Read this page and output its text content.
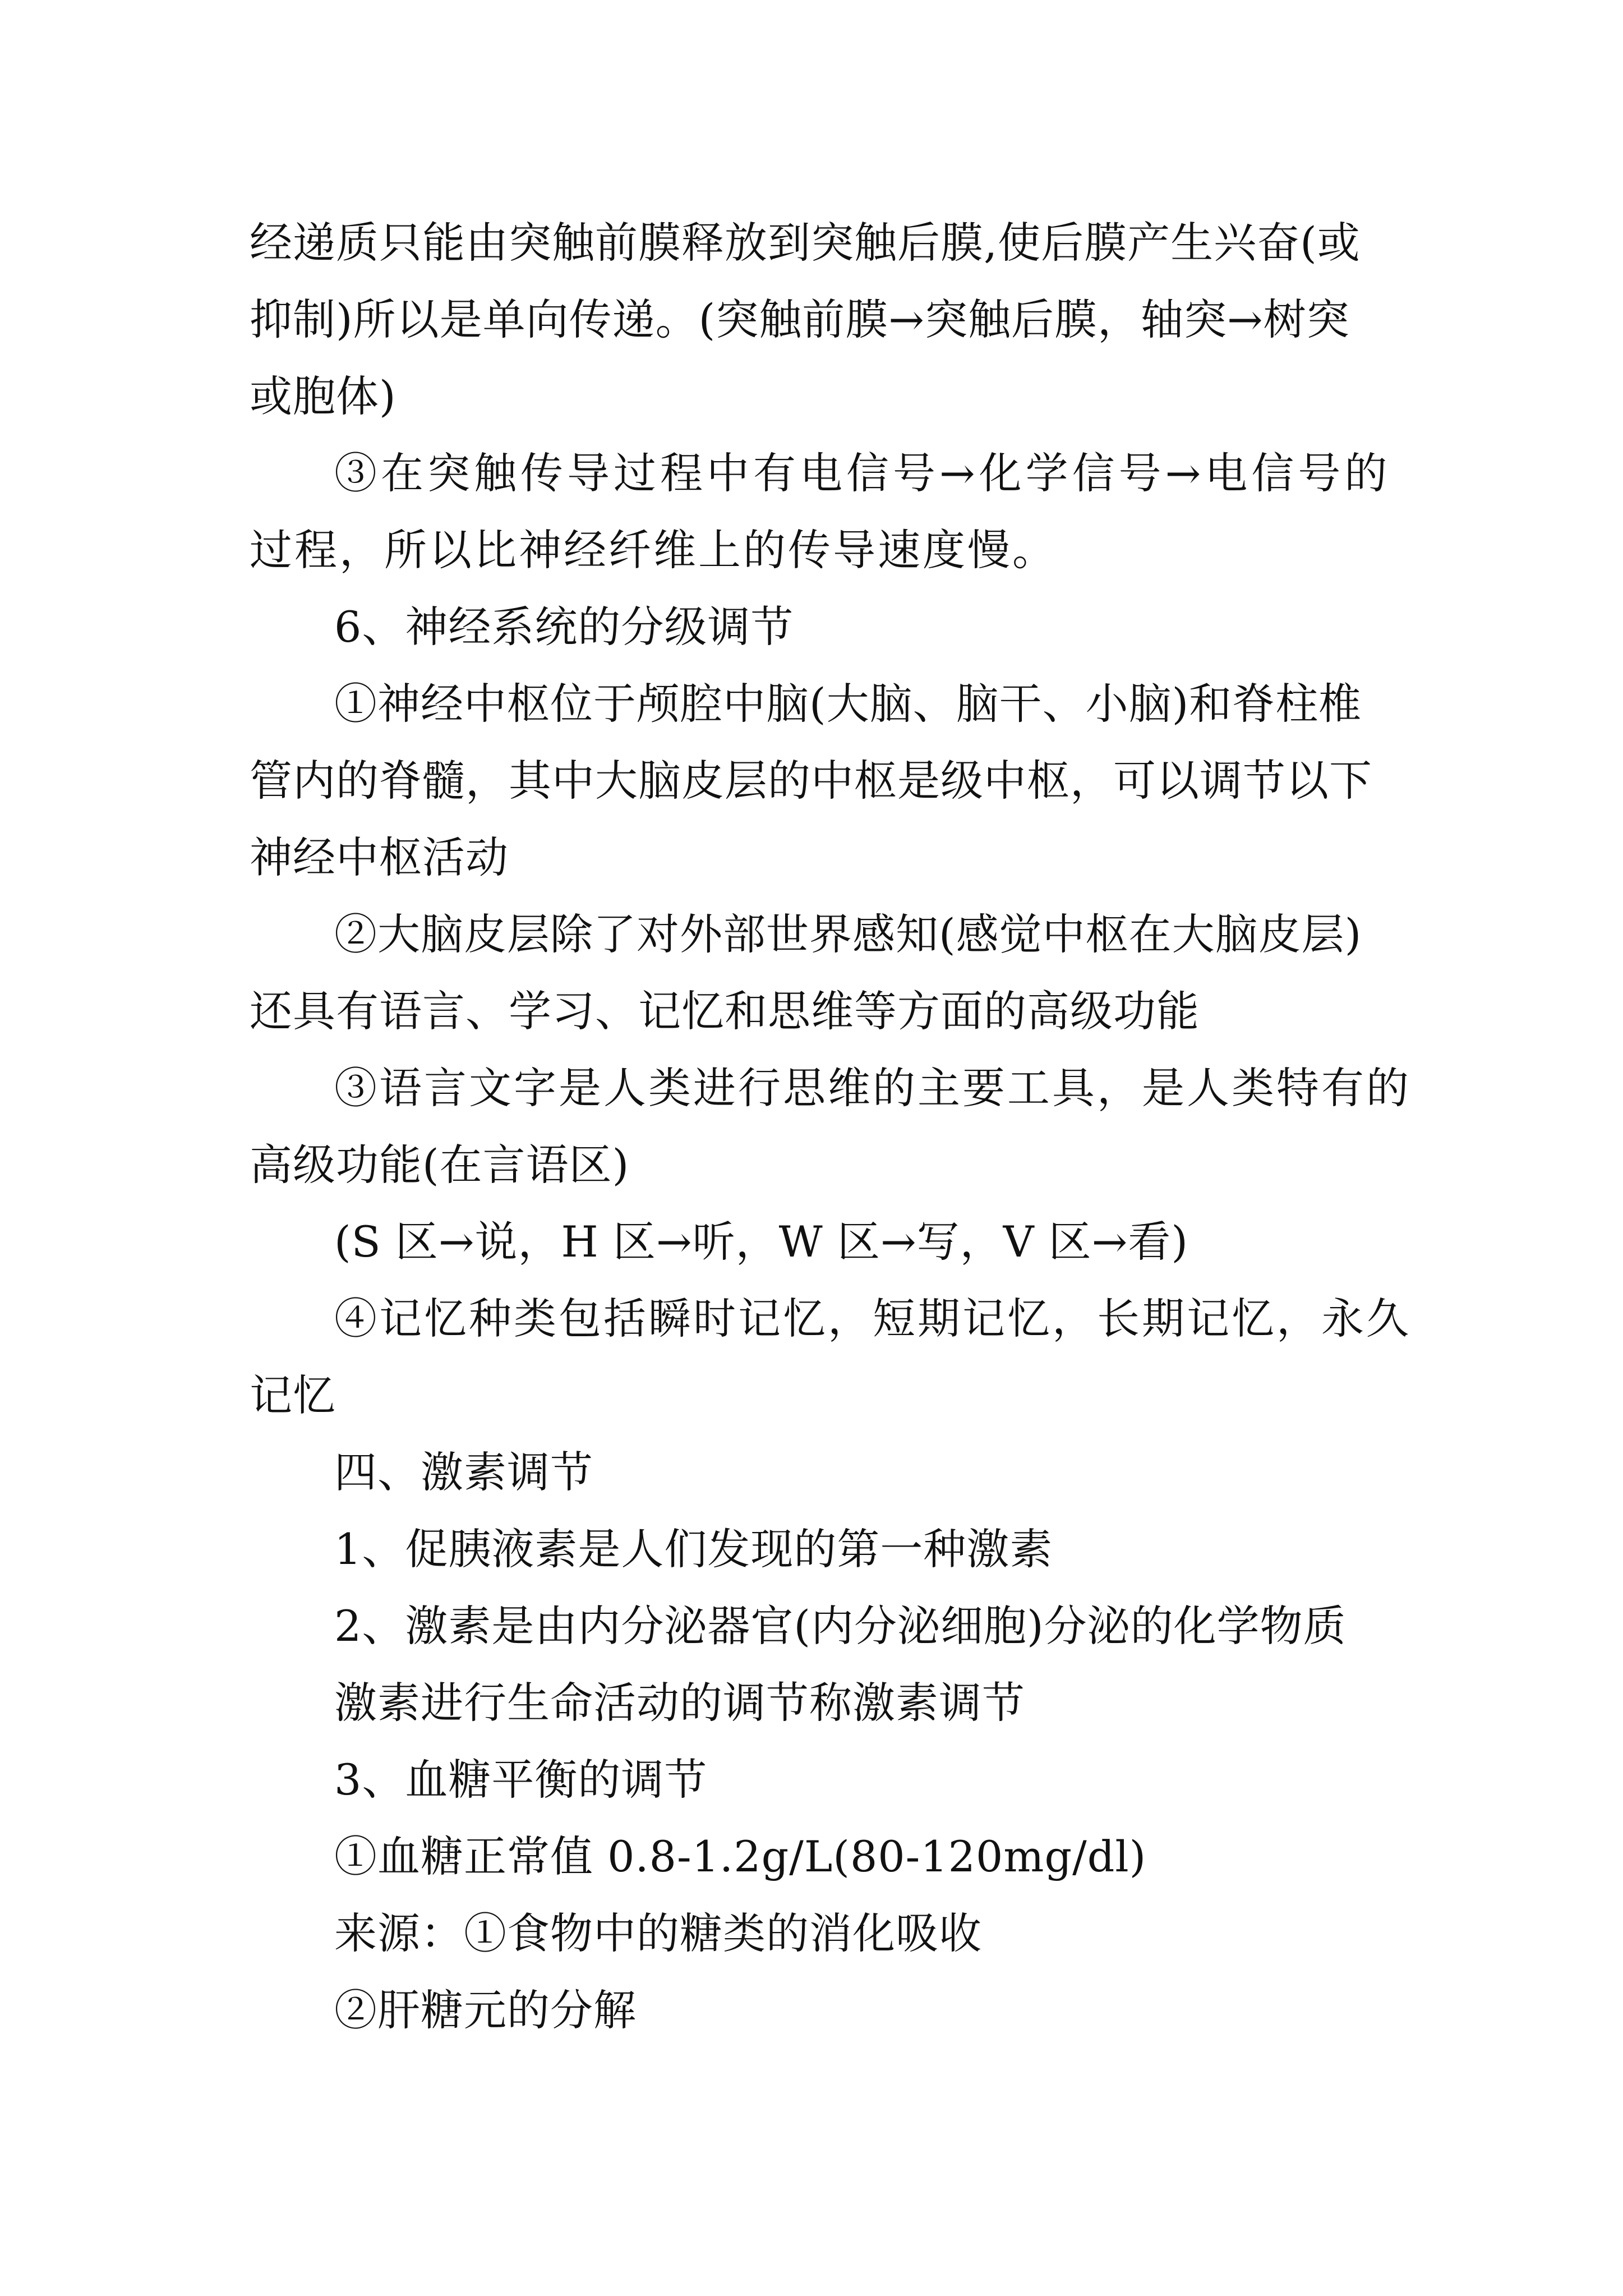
经递质只能由突触前膜释放到突触后膜,使后膜产生兴奋(或
抑制)所以是单向传递。(突触前膜→突触后膜，轴突→树突
或胞体)
③在突触传导过程中有电信号→化学信号→电信号的
过程，所以比神经纤维上的传导速度慢。
6、神经系统的分级调节
①神经中枢位于颅腔中脑(大脑、脑干、小脑)和脊柱椎
管内的脊髓，其中大脑皮层的中枢是级中枢，可以调节以下
神经中枢活动
②大脑皮层除了对外部世界感知(感觉中枢在大脑皮层)
还具有语言、学习、记忆和思维等方面的高级功能
③语言文字是人类进行思维的主要工具，是人类特有的
高级功能(在言语区)
(S 区→说，H 区→听，W 区→写，V 区→看)
④记忆种类包括瞬时记忆，短期记忆，长期记忆，永久
记忆
四、激素调节
1、促胰液素是人们发现的第一种激素
2、激素是由内分泌器官(内分泌细胞)分泌的化学物质
激素进行生命活动的调节称激素调节
3、血糖平衡的调节
①血糖正常值 0.8-1.2g/L(80-120mg/dl)
来源：①食物中的糖类的消化吸收
②肝糖元的分解
